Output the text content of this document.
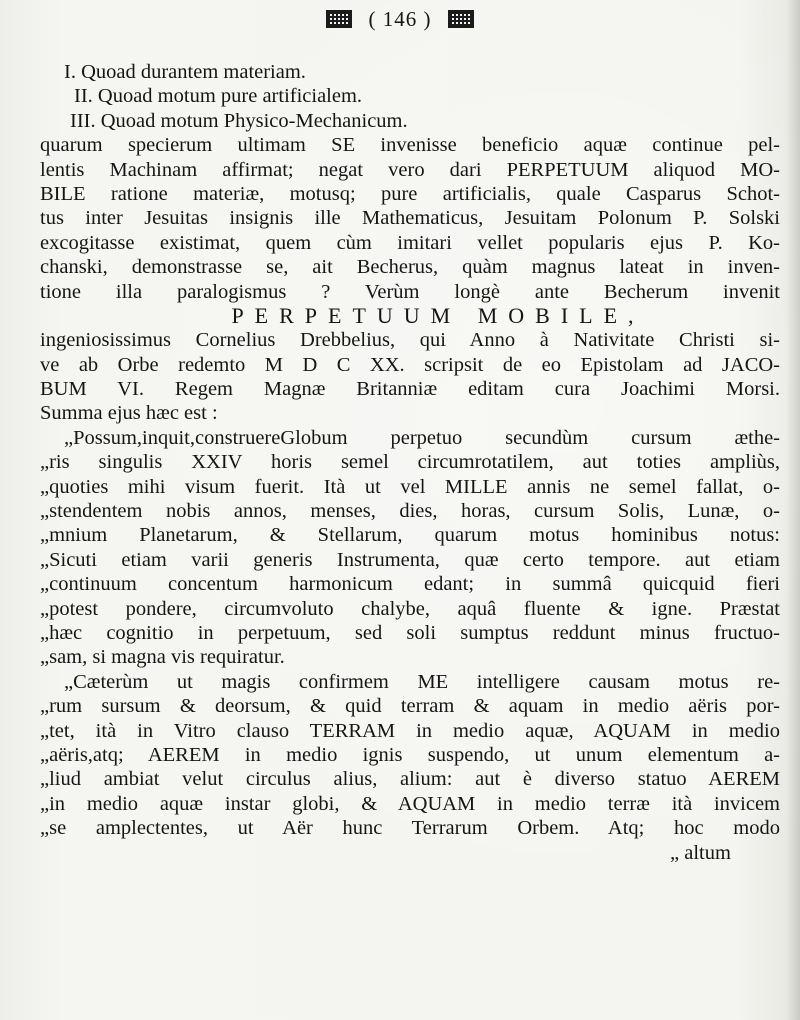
( 146 )
I. Quoad durantem materiam.
II. Quoad motum pure artificialem.
III. Quoad motum Physico-Mechanicum.
quarum specierum ultimam SE invenisse beneficio aquæ continue pel-
lentis Machinam affirmat; negat vero dari PERPETUUM aliquod MO-
BILE ratione materiæ, motusq; pure artificialis, quale Casparus Schot-
tus inter Jesuitas insignis ille Mathematicus, Jesuitam Polonum P. Solski
excogitasse existimat, quem cùm imitari vellet popularis ejus P. Ko-
chanski, demonstrasse se, ait Becherus, quàm magnus lateat in inven-
tione illa paralogismus ? Verùm longè ante Becherum invenit
PERPETUUM MOBILE,
ingeniosissimus Cornelius Drebbelius, qui Anno à Nativitate Christi si-
ve ab Orbe redemto M D C XX. scripsit de eo Epistolam ad JACO-
BUM VI. Regem Magnæ Britanniæ editam cura Joachimi Morsi.
Summa ejus hæc est :
„Possum,inquit,construereGlobum perpetuo secundùm cursum æthe-
„ris singulis XXIV horis semel circumrotatilem, aut toties ampliùs,
„quoties mihi visum fuerit. Ità ut vel MILLE annis ne semel fallat, o-
„stendentem nobis annos, menses, dies, horas, cursum Solis, Lunæ, o-
„mnium Planetarum, & Stellarum, quarum motus hominibus notus:
„Sicuti etiam varii generis Instrumenta, quæ certo tempore. aut etiam
„continuum concentum harmonicum edant; in summâ quicquid fieri
„potest pondere, circumvoluto chalybe, aquâ fluente & igne. Præstat
„hæc cognitio in perpetuum, sed soli sumptus reddunt minus fructuo-
„sam, si magna vis requiratur.
„Cæterùm ut magis confirmem ME intelligere causam motus re-
„rum sursum & deorsum, & quid terram & aquam in medio aëris por-
„tet, ità in Vitro clauso TERRAM in medio aquæ, AQUAM in medio
„aëris,atq; AEREM in medio ignis suspendo, ut unum elementum a-
„liud ambiat velut circulus alius, alium: aut è diverso statuo AEREM
„in medio aquæ instar globi, & AQUAM in medio terræ ità invicem
„se amplectentes, ut Aër hunc Terrarum Orbem. Atq; hoc modo
„ altum
